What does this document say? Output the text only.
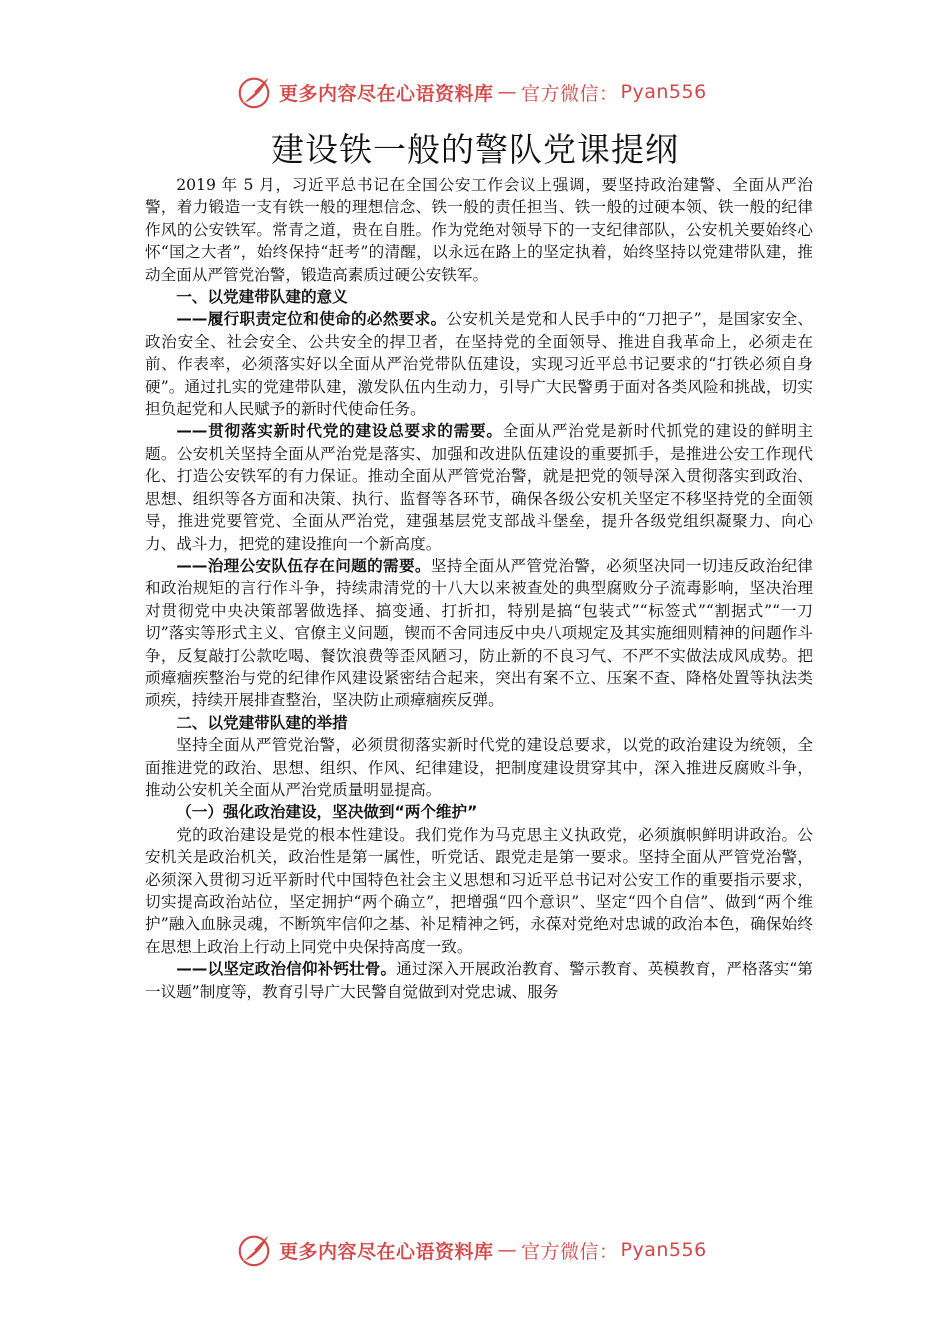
更多内容尽在心语资料库 — 官方微信： Pyan556
建设铁一般的警队党课提纲

2019 年 5 月，习近平总书记在全国公安工作会议上强调，要坚持政治建警、全面从严治警，着力锻造一支有铁一般的理想信念、铁一般的责任担当、铁一般的过硬本领、铁一般的纪律作风的公安铁军。常青之道，贵在自胜。作为党绝对领导下的一支纪律部队，公安机关要始终心怀“国之大者”，始终保持“赶考”的清醒，以永远在路上的坚定执着，始终坚持以党建带队建，推动全面从严管党治警，锻造高素质过硬公安铁军。

一、以党建带队建的意义

——履行职责定位和使命的必然要求。公安机关是党和人民手中的“刀把子”，是国家安全、政治安全、社会安全、公共安全的捍卫者，在坚持党的全面领导、推进自我革命上，必须走在前、作表率，必须落实好以全面从严治党带队伍建设，实现习近平总书记要求的“打铁必须自身硬”。通过扎实的党建带队建，激发队伍内生动力，引导广大民警勇于面对各类风险和挑战，切实担负起党和人民赋予的新时代使命任务。

——贯彻落实新时代党的建设总要求的需要。全面从严治党是新时代抓党的建设的鲜明主题。公安机关坚持全面从严治党是落实、加强和改进队伍建设的重要抓手，是推进公安工作现代化、打造公安铁军的有力保证。推动全面从严管党治警，就是把党的领导深入贯彻落实到政治、思想、组织等各方面和决策、执行、监督等各环节，确保各级公安机关坚定不移坚持党的全面领导，推进党要管党、全面从严治党，建强基层党支部战斗堡垒，提升各级党组织凝聚力、向心力、战斗力，把党的建设推向一个新高度。

——治理公安队伍存在问题的需要。坚持全面从严管党治警，必须坚决同一切违反政治纪律和政治规矩的言行作斗争，持续肃清党的十八大以来被查处的典型腐败分子流毒影响，坚决治理对贯彻党中央决策部署做选择、搞变通、打折扣，特别是搞“包装式”“标签式”“割据式”“一刀切”落实等形式主义、官僚主义问题，锲而不舍同违反中央八项规定及其实施细则精神的问题作斗争，反复敲打公款吃喝、餐饮浪费等歪风陋习，防止新的不良习气、不严不实做法成风成势。把顽瘴痼疾整治与党的纪律作风建设紧密结合起来，突出有案不立、压案不查、降格处置等执法类顽疾，持续开展排查整治，坚决防止顽瘴痼疾反弹。

二、以党建带队建的举措

坚持全面从严管党治警，必须贯彻落实新时代党的建设总要求，以党的政治建设为统领，全面推进党的政治、思想、组织、作风、纪律建设，把制度建设贯穿其中，深入推进反腐败斗争，推动公安机关全面从严治党质量明显提高。

（一）强化政治建设，坚决做到“两个维护”

党的政治建设是党的根本性建设。我们党作为马克思主义执政党，必须旗帜鲜明讲政治。公安机关是政治机关，政治性是第一属性，听党话、跟党走是第一要求。坚持全面从严管党治警，必须深入贯彻习近平新时代中国特色社会主义思想和习近平总书记对公安工作的重要指示要求，切实提高政治站位，坚定拥护“两个确立”，把增强“四个意识”、坚定“四个自信”、做到“两个维护”融入血脉灵魂，不断筑牢信仰之基、补足精神之钙，永葆对党绝对忠诚的政治本色，确保始终在思想上政治上行动上同党中央保持高度一致。

——以坚定政治信仰补钙壮骨。通过深入开展政治教育、警示教育、英模教育，严格落实“第一议题”制度等，教育引导广大民警自觉做到对党忠诚、服务

更多内容尽在心语资料库 — 官方微信： Pyan556
